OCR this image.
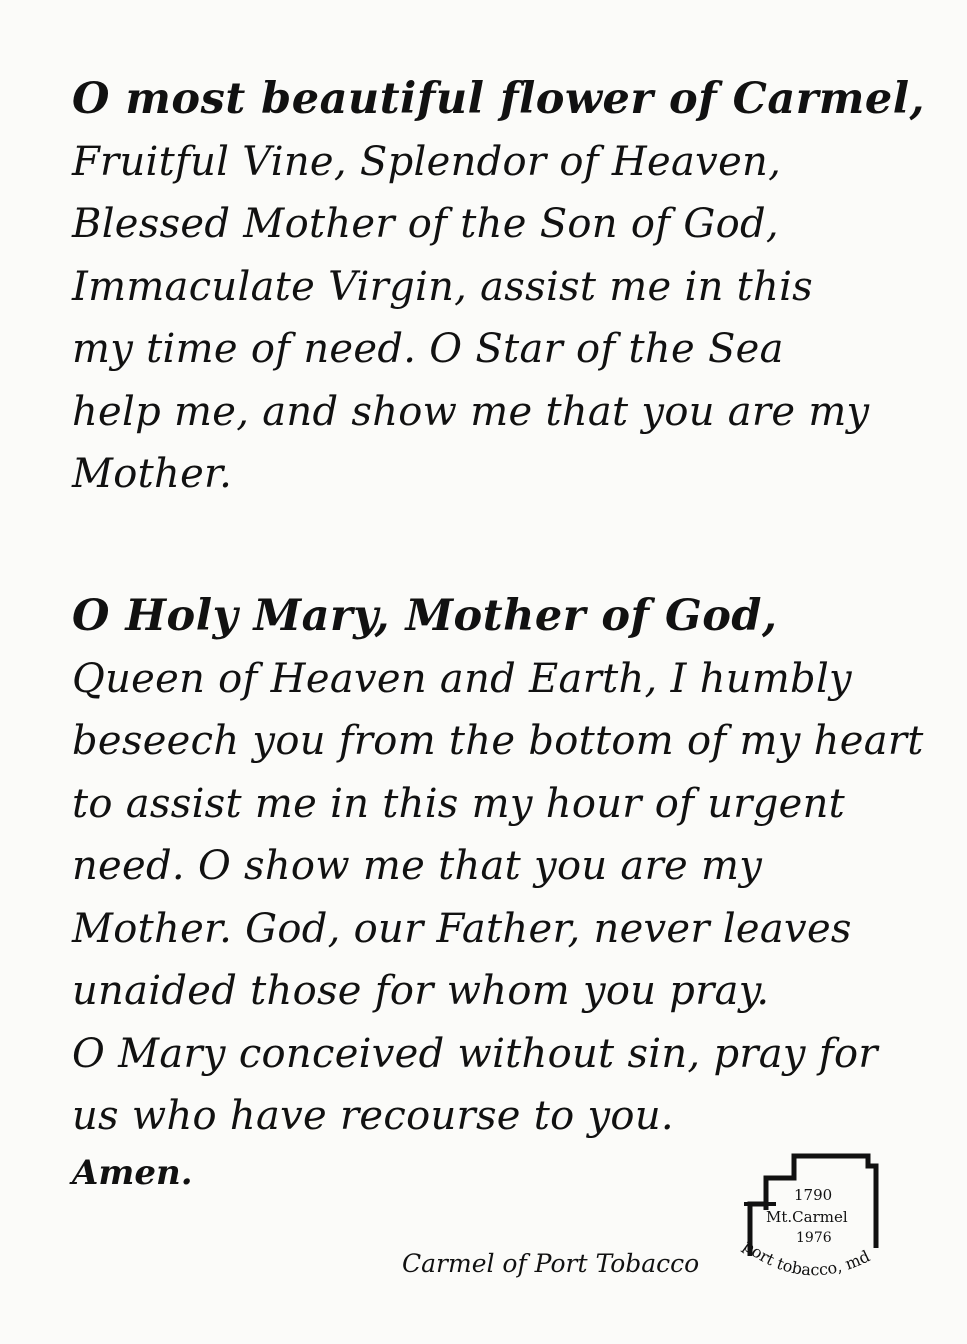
O most beautiful flower of Carmel,
Fruitful Vine, Splendor of Heaven,
Blessed Mother of the Son of God,
Immaculate Virgin, assist me in this
my time of need. O Star of the Sea
help me, and show me that you are my
Mother.
O Holy Mary, Mother of God,
Queen of Heaven and Earth, I humbly
beseech you from the bottom of my heart
to assist me in this my hour of urgent
need. O show me that you are my
Mother. God, our Father, never leaves
unaided those for whom you pray.
O Mary conceived without sin, pray for
us who have recourse to you.
Amen.
Carmel of Port Tobacco
1790
Mt.Carmel
1976
port tobacco, md
